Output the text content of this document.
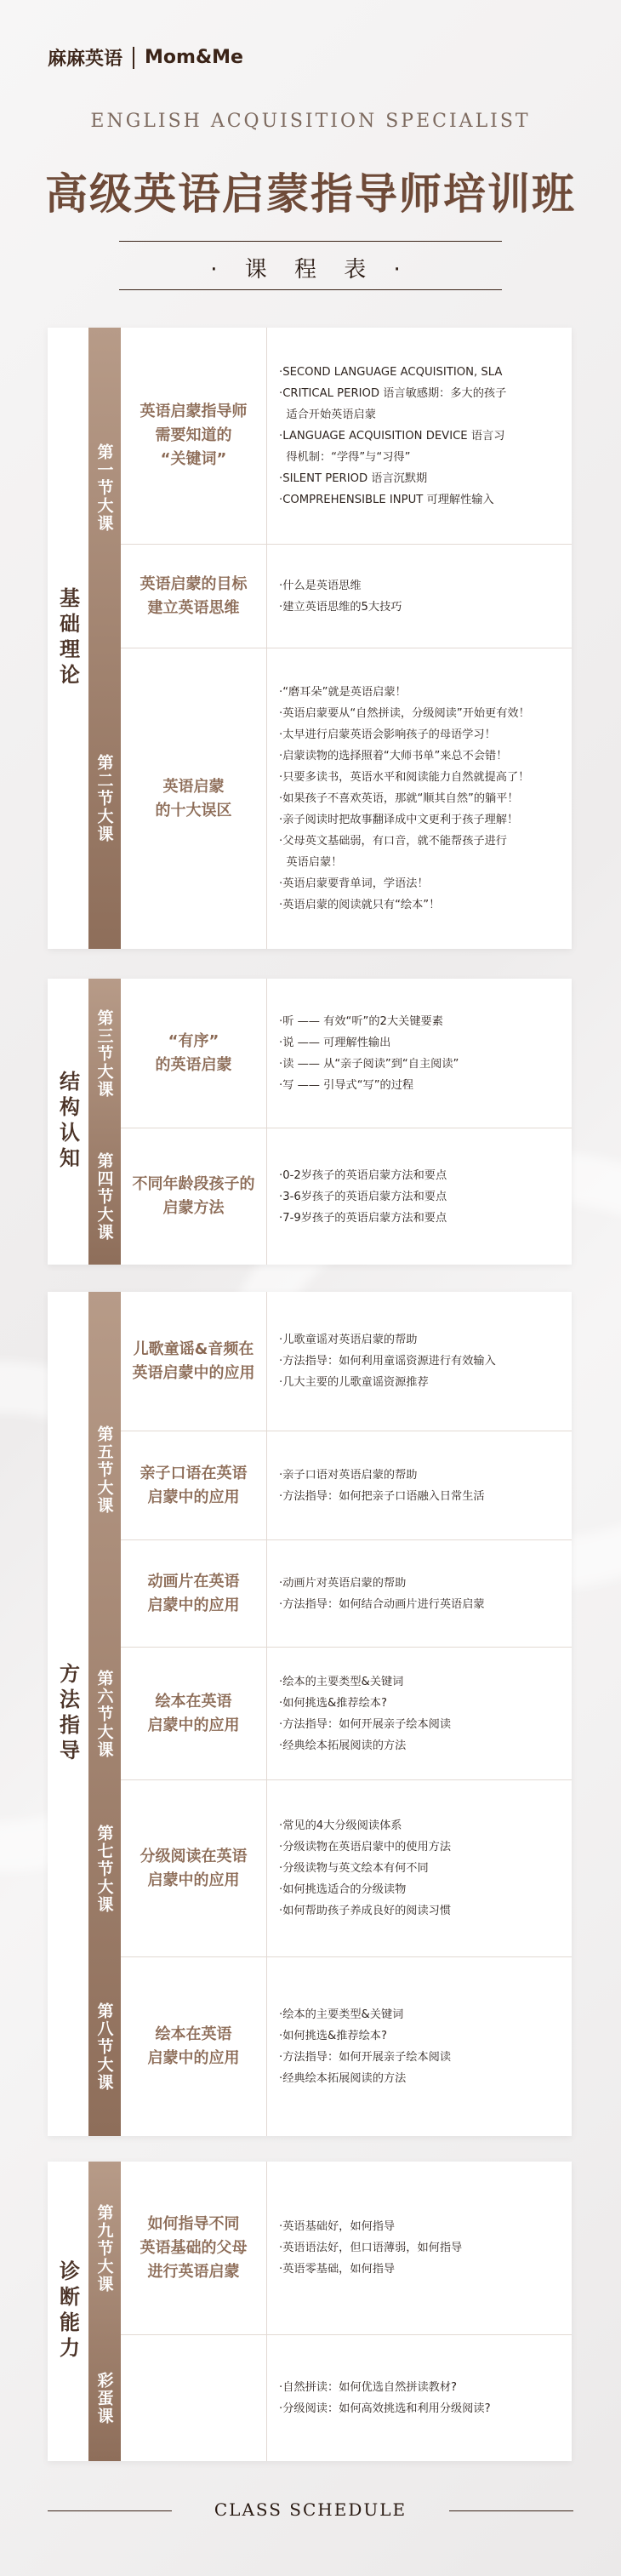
麻麻英语 Mom&Me
ENGLISH ACQUISITION SPECIALIST
高级英语启蒙指导师培训班
· 课 程 表 ·
基础理论
第一节大课
第二节大课
英语启蒙指导师
需要知道的
“关键词”
·SECOND LANGUAGE ACQUISITION, SLA
·CRITICAL PERIOD 语言敏感期：多大的孩子
适合开始英语启蒙
·LANGUAGE ACQUISITION DEVICE 语言习
得机制：“学得”与“习得”
·SILENT PERIOD 语言沉默期
·COMPREHENSIBLE INPUT 可理解性输入
英语启蒙的目标
建立英语思维
·什么是英语思维
·建立英语思维的5大技巧
英语启蒙
的十大误区
·“磨耳朵”就是英语启蒙！
·英语启蒙要从“自然拼读，分级阅读”开始更有效！
·太早进行启蒙英语会影响孩子的母语学习！
·启蒙读物的选择照着“大师书单”来总不会错！
·只要多读书，英语水平和阅读能力自然就提高了！
·如果孩子不喜欢英语，那就“顺其自然”的躺平！
·亲子阅读时把故事翻译成中文更利于孩子理解！
·父母英文基础弱，有口音，就不能帮孩子进行
英语启蒙！
·英语启蒙要背单词，学语法！
·英语启蒙的阅读就只有“绘本”！
结构认知
第三节大课
第四节大课
“有序”
的英语启蒙
·听 —— 有效“听”的2大关键要素
·说 —— 可理解性输出
·读 —— 从“亲子阅读”到“自主阅读”
·写 —— 引导式“写”的过程
不同年龄段孩子的
启蒙方法
·0-2岁孩子的英语启蒙方法和要点
·3-6岁孩子的英语启蒙方法和要点
·7-9岁孩子的英语启蒙方法和要点
方法指导
第五节大课
第六节大课
第七节大课
第八节大课
儿歌童谣&音频在
英语启蒙中的应用
·儿歌童谣对英语启蒙的帮助
·方法指导：如何利用童谣资源进行有效输入
·几大主要的儿歌童谣资源推荐
亲子口语在英语
启蒙中的应用
·亲子口语对英语启蒙的帮助
·方法指导：如何把亲子口语融入日常生活
动画片在英语
启蒙中的应用
·动画片对英语启蒙的帮助
·方法指导：如何结合动画片进行英语启蒙
绘本在英语
启蒙中的应用
·绘本的主要类型&关键词
·如何挑选&推荐绘本?
·方法指导：如何开展亲子绘本阅读
·经典绘本拓展阅读的方法
分级阅读在英语
启蒙中的应用
·常见的4大分级阅读体系
·分级读物在英语启蒙中的使用方法
·分级读物与英文绘本有何不同
·如何挑选适合的分级读物
·如何帮助孩子养成良好的阅读习惯
绘本在英语
启蒙中的应用
·绘本的主要类型&关键词
·如何挑选&推荐绘本?
·方法指导：如何开展亲子绘本阅读
·经典绘本拓展阅读的方法
诊断能力
第九节大课
彩蛋课
如何指导不同
英语基础的父母
进行英语启蒙
·英语基础好，如何指导
·英语语法好，但口语薄弱，如何指导
·英语零基础，如何指导
·自然拼读：如何优选自然拼读教材?
·分级阅读：如何高效挑选和利用分级阅读?
CLASS SCHEDULE
